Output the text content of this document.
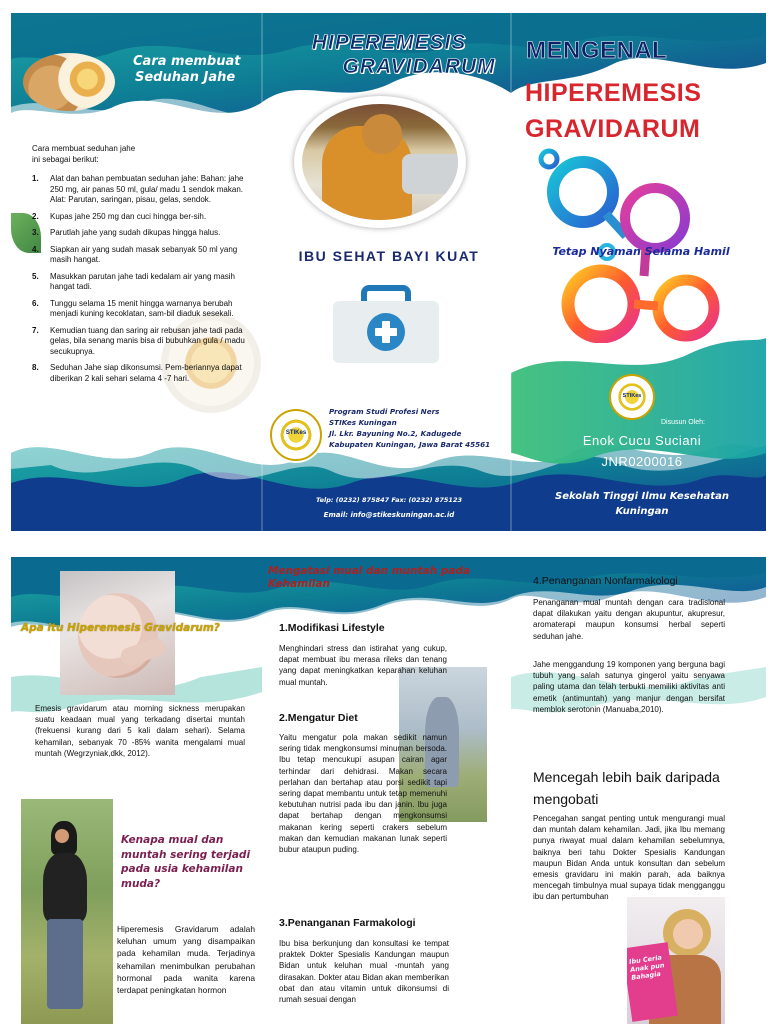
Cara membuat
Seduhan Jahe
Cara membuat seduhan jahe
ini sebagai berikut:
1. Alat dan bahan pembuatan seduhan jahe: Bahan: jahe 250 mg, air panas 50 ml, gula/ madu 1 sendok makan. Alat: Parutan, saringan, pisau, gelas, sendok.
2. Kupas jahe 250 mg dan cuci hingga ber-sih.
3. Parutlah jahe yang sudah dikupas hingga halus.
4. Siapkan air yang sudah masak sebanyak 50 ml yang masih hangat.
5. Masukkan parutan jahe tadi kedalam air yang masih hangat tadi.
6. Tunggu selama 15 menit hingga warnanya berubah menjadi kuning kecoklatan, sam-bil diaduk sesekali.
7. Kemudian tuang dan saring air rebusan jahe tadi pada gelas, bila senang manis bisa di bubuhkan gula / madu secukupnya.
8. Seduhan Jahe siap dikonsumsi. Pem-beriannya dapat diberikan 2 kali sehari selama 4 -7 hari.
HIPEREMESIS
GRAVIDARUM
IBU SEHAT BAYI KUAT
STIKes
Program Studi Profesi Ners
STIKes Kuningan
Jl. Lkr. Bayuning No.2, Kadugede
Kabupaten Kuningan, Jawa Barat 45561
Telp: (0232) 875847 Fax: (0232) 875123
Email: info@stikeskuningan.ac.id
MENGENAL
HIPEREMESIS
GRAVIDARUM
Tetap Nyaman Selama Hamil
STIKes
Disusun Oleh:
Enok Cucu Suciani
JNR0200016
Sekolah Tinggi Ilmu Kesehatan
Kuningan
Apa itu Hiperemesis Gravidarum?
Emesis gravidarum atau morning sickness merupakan suatu keadaan mual yang terkadang disertai muntah (frekuensi kurang dari 5 kali dalam sehari). Selama kehamilan, sebanyak 70 -85% wanita mengalami mual muntah (Wegrzyniak,dkk, 2012).
Kenapa mual dan muntah sering terjadi pada usia kehamilan muda?
Hiperemesis Gravidarum adalah keluhan umum yang disampaikan pada kehamilan muda. Terjadinya kehamilan menimbulkan perubahan hormonal pada wanita karena terdapat peningkatan hormon
Mengatasi mual dan muntah pada Kehamilan
1.Modifikasi Lifestyle
Menghindari stress dan istirahat yang cukup, dapat membuat ibu merasa rileks dan tenang yang dapat meningkatkan keparahan keluhan mual muntah.
2.Mengatur Diet
Yaitu mengatur pola makan sedikit namun sering tidak mengkonsumsi minuman bersoda. Ibu tetap mencukupi asupan cairan agar terhindar dari dehidrasi. Makan secara perlahan dan bertahap atau porsi sedikit tapi sering dapat membantu untuk tetap memenuhi kebutuhan nutrisi pada ibu dan janin. Ibu juga dapat bertahap dengan mengkonsumsi makanan kering seperti crakers sebelum makan dan kemudian makanan lunak seperti bubur ataupun puding.
3.Penanganan Farmakologi
Ibu bisa berkunjung dan konsultasi ke tempat praktek Dokter Spesialis Kandungan maupun Bidan untuk keluhan mual -muntah yang dirasakan. Dokter atau Bidan akan memberikan obat dan atau vitamin untuk dikonsumsi di rumah sesuai dengan
4.Penanganan Nonfarmakologi
Penanganan mual muntah dengan cara tradisional dapat dilakukan yaitu dengan akupuntur, akupresur, aromaterapi maupun konsumsi herbal seperti seduhan jahe.
Jahe menggandung 19 komponen yang berguna bagi tubuh yang salah satunya gingerol yaitu senyawa paling utama dan telah terbukti memiliki aktivitas anti emetik (antimuntah) yang manjur dengan bersifat memblok serotonin (Manuaba,2010).
Mencegah lebih baik daripada mengobati
Pencegahan sangat penting untuk mengurangi mual dan muntah dalam kehamilan. Jadi, jika Ibu memang punya riwayat mual dalam kehamilan sebelumnya, baiknya beri tahu Dokter Spesialis Kandungan maupun Bidan Anda untuk konsultan dan sebelum emesis gravidaru ini makin parah, ada baiknya mencegah timbulnya mual supaya tidak mengganggu ibu dan pertumbuhan
Ibu Ceria Anak pun Bahagia
